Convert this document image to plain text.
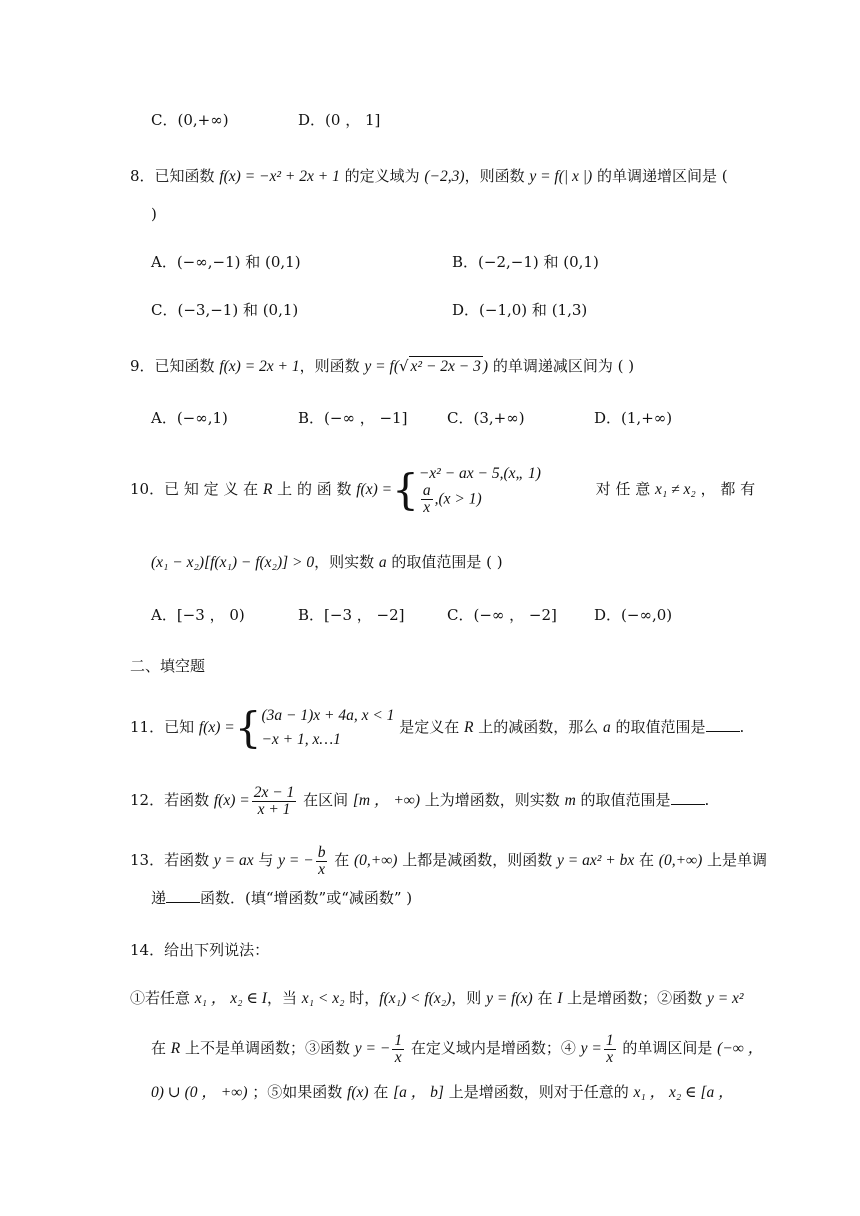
C．(0,+∞)	D．(0 ， 1]
8．已知函数 f(x) = −x² + 2x + 1 的定义域为 (−2,3)，则函数 y = f(| x |) 的单调递增区间是 (
)
A．(−∞,−1) 和 (0,1)	B．(−2,−1) 和 (0,1)
C．(−3,−1) 和 (0,1)	D．(−1,0) 和 (1,3)
9．已知函数 f(x) = 2x + 1，则函数 y = f(√ x² − 2x − 3 ) 的单调递减区间为 ( )
A．(−∞,1)	B．(−∞ ， −1]	C．(3,+∞)	D．(1,+∞)
10．已 知 定 义 在 R 上 的 函 数 f(x) ={ −x² − ax − 5,(x„ 1)
$\frac{a}{x} ,(x > 1)$
对 任 意 x₁ ≠ x₂ ， 都 有
(x₁ − x₂)[f(x₁) − f(x₂)] > 0，则实数 a 的取值范围是 ( )
A．[−3 ， 0)	B．[−3 ， −2]	C．(−∞ ， −2] D．(−∞,0)
二、填空题
11．已知 f(x) ={ (3a − 1)x + 4a, x < 1
−x + 1, x…1
是定义在 R 上的减函数，那么 a 的取值范围是 .
12．若函数 $f(x) = \frac{2x - 1}{x + 1}$ 在区间 [m ， +∞) 上为增函数，则实数 m 的取值范围是 .
13．若函数 y = ax 与 y = − $\frac{b}{x}$ 在 (0,+∞) 上都是减函数，则函数 y = ax² + bx 在 (0,+∞) 上是单调
递 函数．(填“增函数”或“减函数” )
14．给出下列说法：
①若任意 x₁ ， x₂ ∈ I，当 x₁ < x₂ 时，f(x₁) < f(x₂)，则 y = f(x) 在 I 上是增函数；②函数 y = x²
在 R 上不是单调函数；③函数 y = − $\frac{1}{x}$ 在定义域内是增函数；④ $y = \frac{1}{x}$ 的单调区间是 (−∞ ，
0) ∪ (0 ， +∞) ；⑤如果函数 f(x) 在 [a ， b] 上是增函数，则对于任意的 x₁ ， x₂ ∈ [a ，
